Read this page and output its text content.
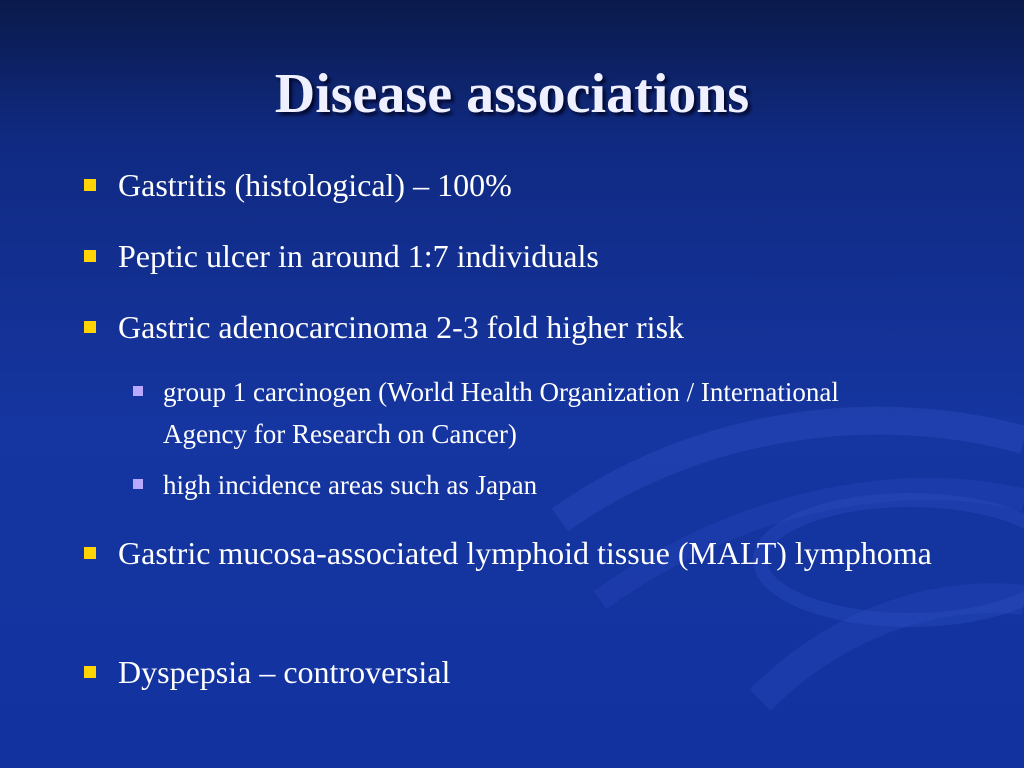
Disease associations
Gastritis (histological) – 100%
Peptic ulcer in around 1:7 individuals
Gastric adenocarcinoma 2-3 fold higher risk
group 1 carcinogen (World Health Organization / International Agency for Research on Cancer)
high incidence areas such as Japan
Gastric mucosa-associated lymphoid tissue (MALT) lymphoma
Dyspepsia – controversial
